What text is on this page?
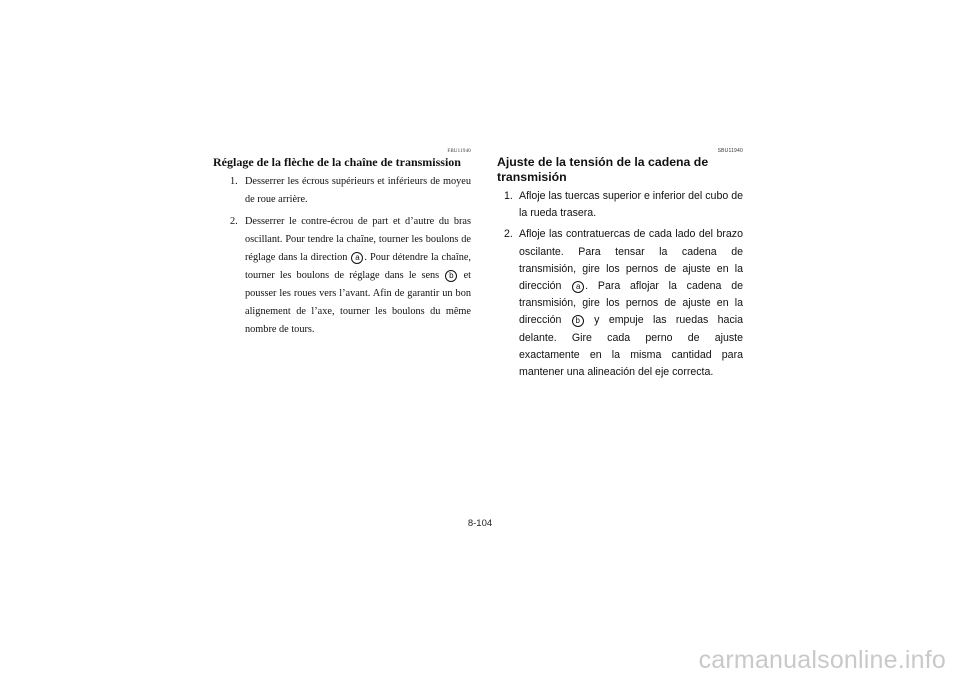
FBU11940
Réglage de la flèche de la chaîne de transmission
1. Desserrer les écrous supérieurs et inférieurs de moyeu de roue arrière.
2. Desserrer le contre-écrou de part et d’autre du bras oscillant. Pour tendre la chaîne, tourner les boulons de réglage dans la direction a . Pour détendre la chaîne, tourner les boulons de réglage dans le sens b et pousser les roues vers l’avant. Afin de garantir un bon alignement de l’axe, tourner les boulons du même nombre de tours.
SBU11940
Ajuste de la tensión de la cadena de transmisión
1. Afloje las tuercas superior e inferior del cubo de la rueda trasera.
2. Afloje las contratuercas de cada lado del brazo oscilante. Para tensar la cadena de transmisión, gire los pernos de ajuste en la dirección a . Para aflojar la cadena de transmisión, gire los pernos de ajuste en la dirección b y empuje las ruedas hacia delante. Gire cada perno de ajuste exactamente en la misma cantidad para mantener una alineación del eje correcta.
8-104
carmanualsonline.info
